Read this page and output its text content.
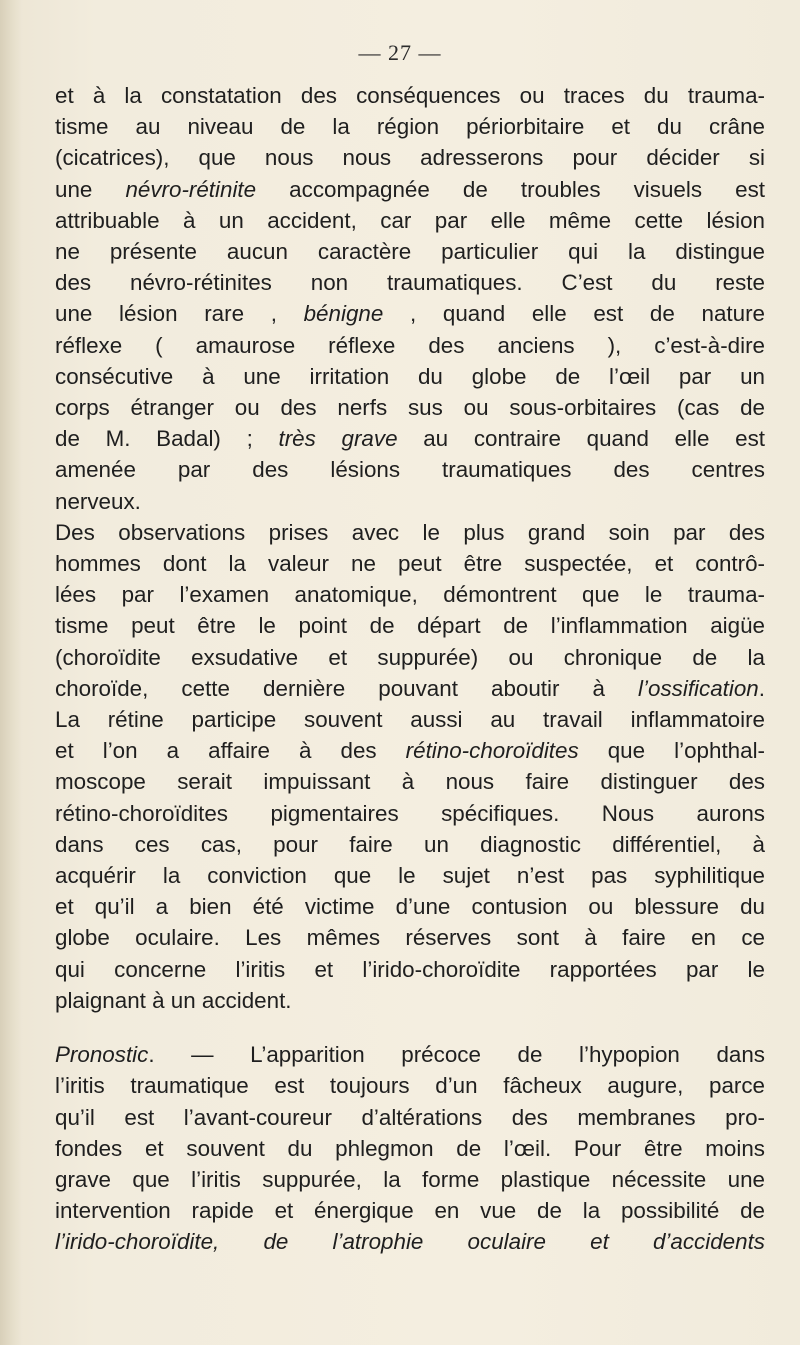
— 27 —

et à la constatation des conséquences ou traces du trauma-
tisme au niveau de la région périorbitaire et du crâne
(cicatrices), que nous nous adresserons pour décider si
une névro-rétinite accompagnée de troubles visuels est
attribuable à un accident, car par elle même cette lésion
ne présente aucun caractère particulier qui la distingue
des névro-rétinites non traumatiques. C’est du reste
une lésion rare , bénigne , quand elle est de nature
réflexe ( amaurose réflexe des anciens ), c’est-à-dire
consécutive à une irritation du globe de l’œil par un
corps étranger ou des nerfs sus ou sous-orbitaires (cas de
de M. Badal) ; très grave au contraire quand elle est
amenée par des lésions traumatiques des centres
nerveux.

Des observations prises avec le plus grand soin par des
hommes dont la valeur ne peut être suspectée, et contrô-
lées par l’examen anatomique, démontrent que le trauma-
tisme peut être le point de départ de l’inflammation aigüe
(choroïdite exsudative et suppurée) ou chronique de la
choroïde, cette dernière pouvant aboutir à l’ossification.
La rétine participe souvent aussi au travail inflammatoire
et l’on a affaire à des rétino-choroïdites que l’ophthal-
moscope serait impuissant à nous faire distinguer des
rétino-choroïdites pigmentaires spécifiques. Nous aurons
dans ces cas, pour faire un diagnostic différentiel, à
acquérir la conviction que le sujet n’est pas syphilitique
et qu’il a bien été victime d’une contusion ou blessure du
globe oculaire. Les mêmes réserves sont à faire en ce
qui concerne l’iritis et l’irido-choroïdite rapportées par le
plaignant à un accident.

Pronostic. — L’apparition précoce de l’hypopion dans
l’iritis traumatique est toujours d’un fâcheux augure, parce
qu’il est l’avant-coureur d’altérations des membranes pro-
fondes et souvent du phlegmon de l’œil. Pour être moins
grave que l’iritis suppurée, la forme plastique nécessite une
intervention rapide et énergique en vue de la possibilité de
l’irido-choroïdite, de l’atrophie oculaire et d’accidents
